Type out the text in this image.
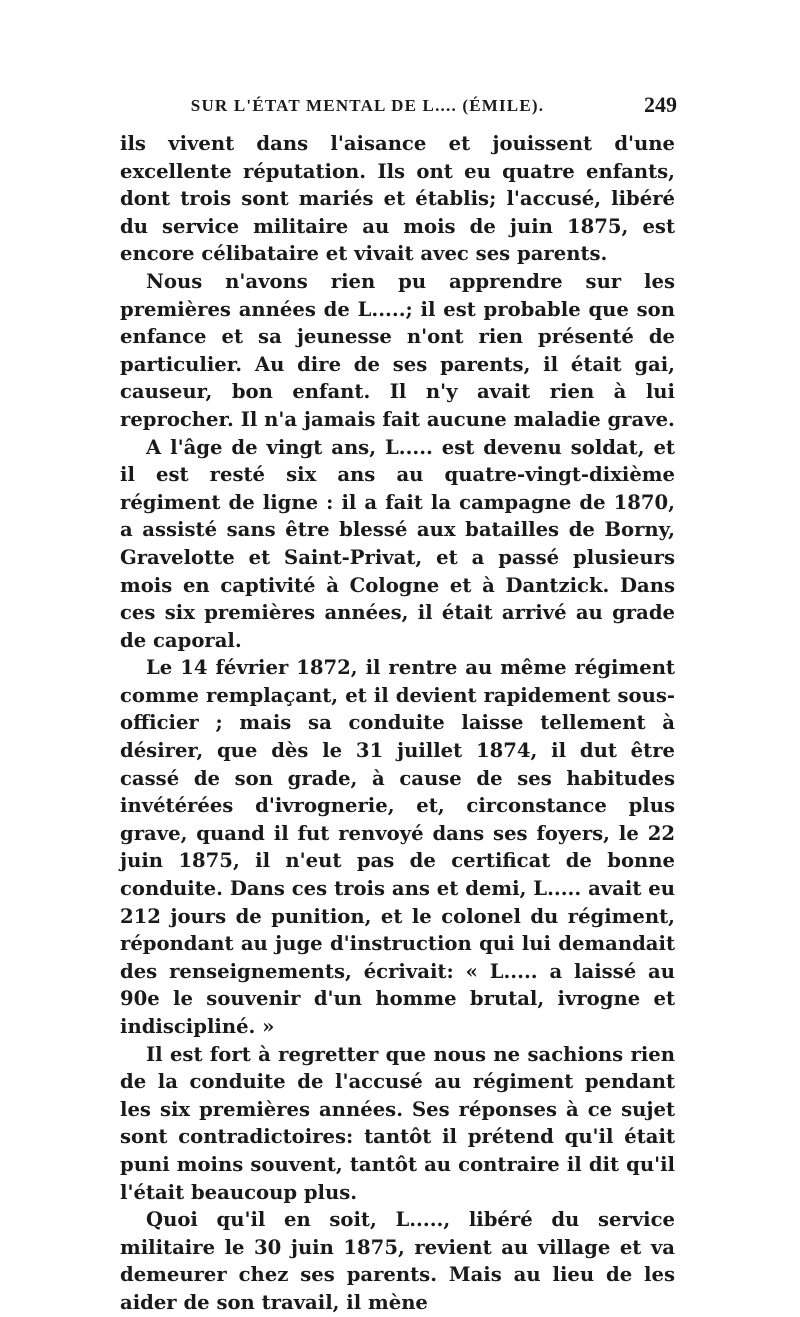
SUR L'ÉTAT MENTAL DE L.... (ÉMILE).	249

ils vivent dans l'aisance et jouissent d'une excellente réputation. Ils ont eu quatre enfants, dont trois sont mariés et établis; l'accusé, libéré du service militaire au mois de juin 1875, est encore célibataire et vivait avec ses parents.

Nous n'avons rien pu apprendre sur les premières années de L.....; il est probable que son enfance et sa jeunesse n'ont rien présenté de particulier. Au dire de ses parents, il était gai, causeur, bon enfant. Il n'y avait rien à lui reprocher. Il n'a jamais fait aucune maladie grave.

A l'âge de vingt ans, L..... est devenu soldat, et il est resté six ans au quatre-vingt-dixième régiment de ligne : il a fait la campagne de 1870, a assisté sans être blessé aux batailles de Borny, Gravelotte et Saint-Privat, et a passé plusieurs mois en captivité à Cologne et à Dantzick. Dans ces six premières années, il était arrivé au grade de caporal.

Le 14 février 1872, il rentre au même régiment comme remplaçant, et il devient rapidement sous-officier ; mais sa conduite laisse tellement à désirer, que dès le 31 juillet 1874, il dut être cassé de son grade, à cause de ses habitudes invétérées d'ivrognerie, et, circonstance plus grave, quand il fut renvoyé dans ses foyers, le 22 juin 1875, il n'eut pas de certificat de bonne conduite. Dans ces trois ans et demi, L..... avait eu 212 jours de punition, et le colonel du régiment, répondant au juge d'instruction qui lui demandait des renseignements, écrivait: « L..... a laissé au 90e le souvenir d'un homme brutal, ivrogne et indiscipliné. »

Il est fort à regretter que nous ne sachions rien de la conduite de l'accusé au régiment pendant les six premières années. Ses réponses à ce sujet sont contradictoires: tantôt il prétend qu'il était puni moins souvent, tantôt au contraire il dit qu'il l'était beaucoup plus.

Quoi qu'il en soit, L....., libéré du service militaire le 30 juin 1875, revient au village et va demeurer chez ses parents. Mais au lieu de les aider de son travail, il mène
